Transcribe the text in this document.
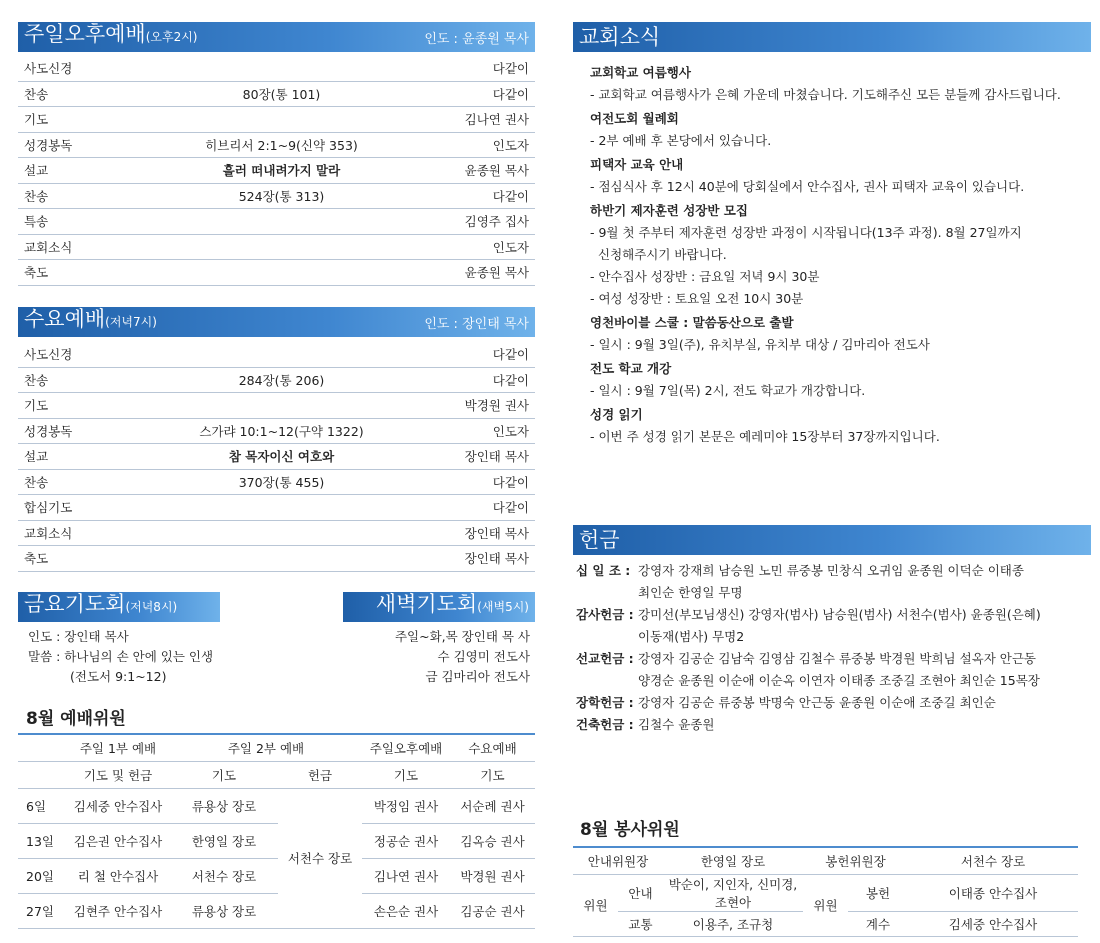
주일오후예배(오후2시)	인도 : 윤종원 목사
사도신경	다같이
찬송	80장(통 101)	다같이
기도	김나연 권사
성경봉독	히브리서 2:1~9(신약 353)	인도자
설교	흘러 떠내려가지 말라	윤종원 목사
찬송	524장(통 313)	다같이
특송	김영주 집사
교회소식	인도자
축도	윤종원 목사
수요예배(저녁7시)	인도 : 장인태 목사
사도신경	다같이
찬송	284장(통 206)	다같이
기도	박경원 권사
성경봉독	스가랴 10:1~12(구약 1322)	인도자
설교	참 목자이신 여호와	장인태 목사
찬송	370장(통 455)	다같이
합심기도	다같이
교회소식	장인태 목사
축도	장인태 목사
금요기도회(저녁8시)	새벽기도회(새벽5시)
인도 : 장인태 목사
말씀 : 하나님의 손 안에 있는 인생
(전도서 9:1~12)
주일~화,목 장인태 목 사
수 김영미 전도사
금 김마리아 전도사
8월 예배위원
	주일 1부 예배	주일 2부 예배		주일오후예배	수요예배
	기도 및 헌금	기도	헌금	기도	기도
6일	김세중 안수집사	류용상 장로	서천수 장로	박정임 권사	서순례 권사
13일	김은권 안수집사	한영일 장로		정공순 권사	김옥승 권사
20일	리 철 안수집사	서천수 장로		김나연 권사	박경원 권사
27일	김현주 안수집사	류용상 장로		손은순 권사	김공순 권사
교회소식
교회학교 여름행사
- 교회학교 여름행사가 은혜 가운데 마쳤습니다. 기도해주신 모든 분들께 감사드립니다.
여전도회 월례회
- 2부 예배 후 본당에서 있습니다.
피택자 교육 안내
- 점심식사 후 12시 40분에 당회실에서 안수집사, 권사 피택자 교육이 있습니다.
하반기 제자훈련 성장반 모집
- 9월 첫 주부터 제자훈련 성장반 과정이 시작됩니다(13주 과정). 8월 27일까지
신청해주시기 바랍니다.
- 안수집사 성장반 : 금요일 저녁 9시 30분
- 여성 성장반 : 토요일 오전 10시 30분
영천바이블 스쿨 : 말씀동산으로 출발
- 일시 : 9월 3일(주), 유치부실, 유치부 대상 / 김마리아 전도사
전도 학교 개강
- 일시 : 9월 7일(목) 2시, 전도 학교가 개강합니다.
성경 읽기
- 이번 주 성경 읽기 본문은 예레미야 15장부터 37장까지입니다.
헌금
십 일 조 : 강영자 강재희 남승원 노민 류중봉 민창식 오귀임 윤종원 이덕순 이태종
최인순 한영일 무명
감사헌금 : 강미선(부모님생신) 강영자(범사) 남승원(범사) 서천수(범사) 윤종원(은혜)
이동재(범사) 무명2
선교헌금 : 강영자 김공순 김남숙 김영삼 김철수 류중봉 박경원 박희님 설옥자 안근동
양경순 윤종원 이순애 이순옥 이연자 이태종 조중길 조현아 최인순 15목장
장학헌금 : 강영자 김공순 류중봉 박명숙 안근동 윤종원 이순애 조중길 최인순
건축헌금 : 김철수 윤종원
8월 봉사위원
안내위원장		한영일 장로	봉헌위원장		서천수 장로
위원	안내	박순이, 지인자, 신미경, 조현아	위원	봉헌	이태종 안수집사
	교통	이용주, 조규청		계수	김세중 안수집사
